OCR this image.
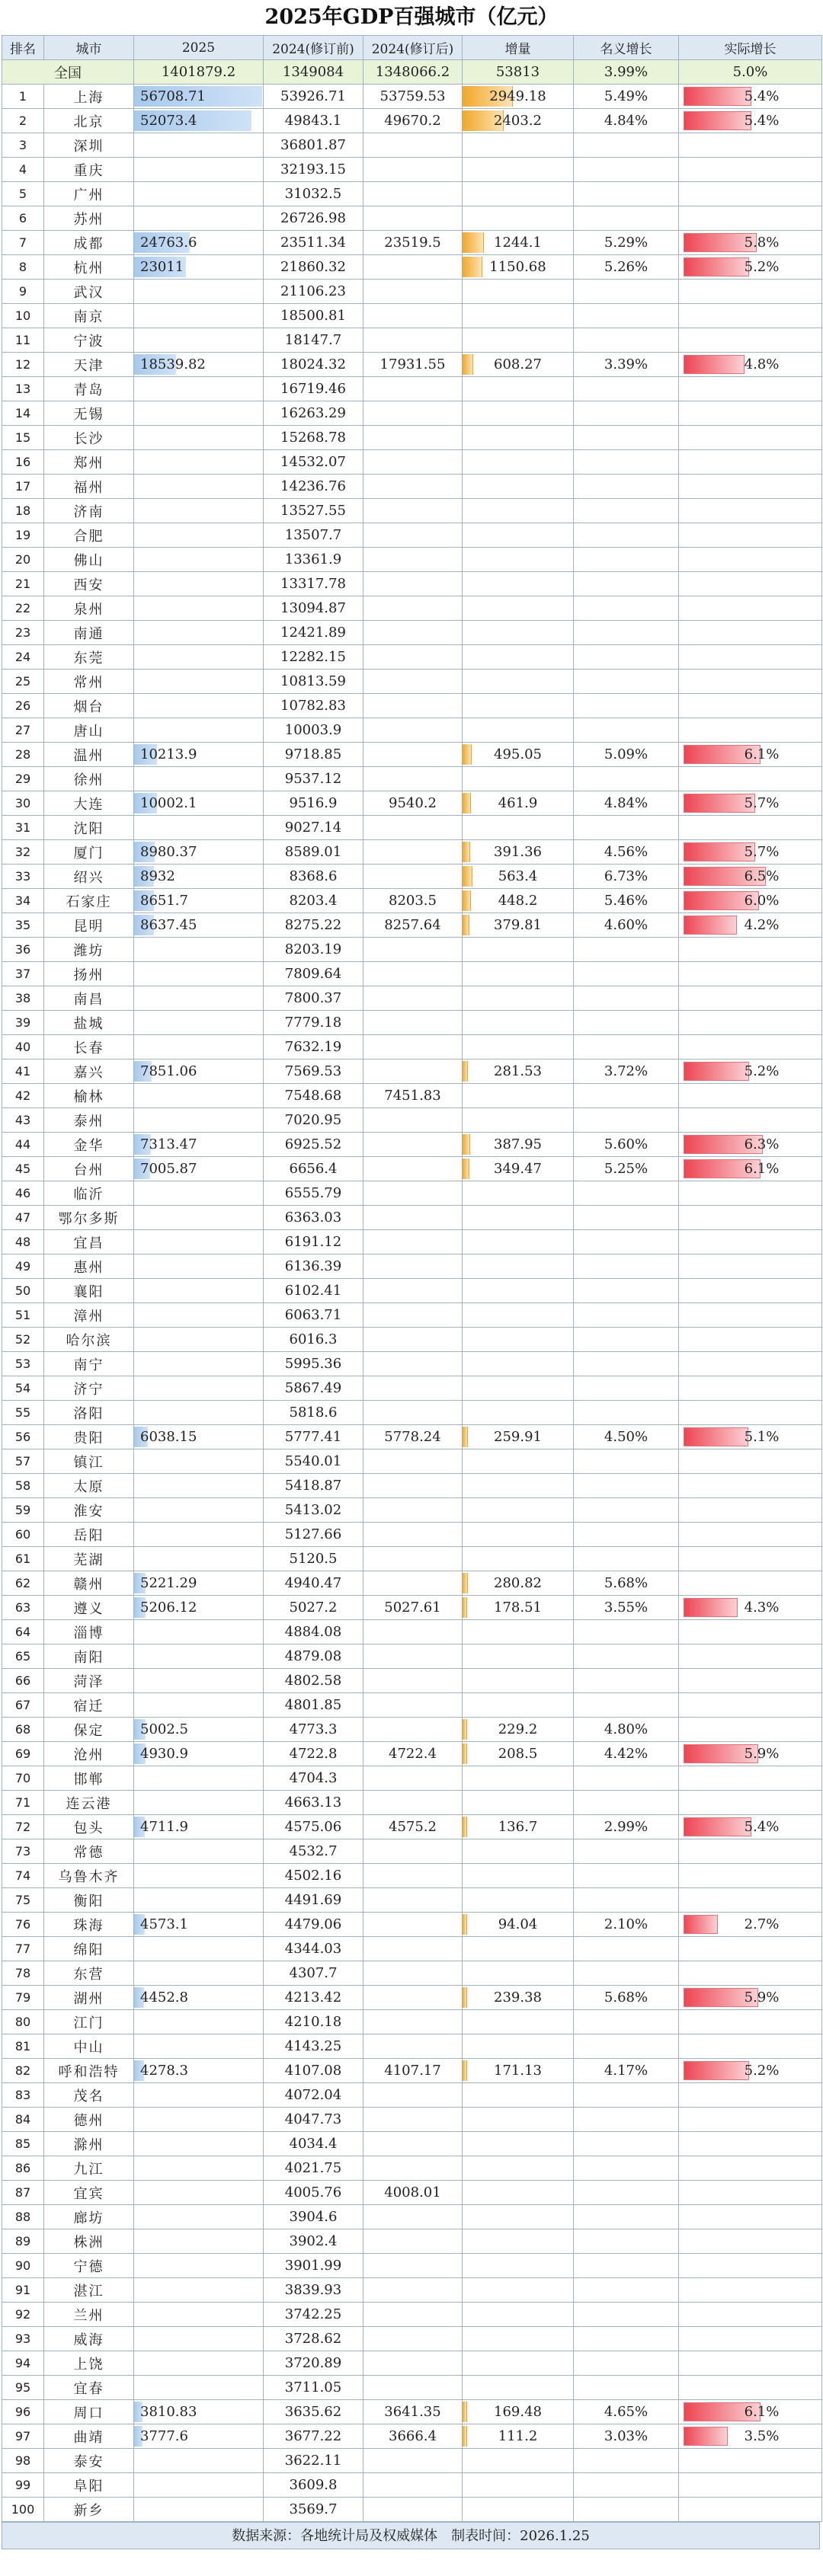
2025年GDP百强城市（亿元）
排名	城市	2025	2024(修订前)	2024(修订后)	增量	名义增长	实际增长
全国		1401879.2	1349084	1348066.2	53813	3.99%	5.0%
1	上海	56708.71	53926.71	53759.53	2949.18	5.49%	5.4%
2	北京	52073.4	49843.1	49670.2	2403.2	4.84%	5.4%
3	深圳		36801.87				
4	重庆		32193.15				
5	广州		31032.5				
6	苏州		26726.98				
7	成都	24763.6	23511.34	23519.5	1244.1	5.29%	5.8%
8	杭州	23011	21860.32		1150.68	5.26%	5.2%
9	武汉		21106.23				
10	南京		18500.81				
11	宁波		18147.7				
12	天津	18539.82	18024.32	17931.55	608.27	3.39%	4.8%
13	青岛		16719.46				
14	无锡		16263.29				
15	长沙		15268.78				
16	郑州		14532.07				
17	福州		14236.76				
18	济南		13527.55				
19	合肥		13507.7				
20	佛山		13361.9				
21	西安		13317.78				
22	泉州		13094.87				
23	南通		12421.89				
24	东莞		12282.15				
25	常州		10813.59				
26	烟台		10782.83				
27	唐山		10003.9				
28	温州	10213.9	9718.85		495.05	5.09%	6.1%
29	徐州		9537.12				
30	大连	10002.1	9516.9	9540.2	461.9	4.84%	5.7%
31	沈阳		9027.14				
32	厦门	8980.37	8589.01		391.36	4.56%	5.7%
33	绍兴	8932	8368.6		563.4	6.73%	6.5%
34	石家庄	8651.7	8203.4	8203.5	448.2	5.46%	6.0%
35	昆明	8637.45	8275.22	8257.64	379.81	4.60%	4.2%
36	潍坊		8203.19				
37	扬州		7809.64				
38	南昌		7800.37				
39	盐城		7779.18				
40	长春		7632.19				
41	嘉兴	7851.06	7569.53		281.53	3.72%	5.2%
42	榆林		7548.68	7451.83			
43	泰州		7020.95				
44	金华	7313.47	6925.52		387.95	5.60%	6.3%
45	台州	7005.87	6656.4		349.47	5.25%	6.1%
46	临沂		6555.79				
47	鄂尔多斯		6363.03				
48	宜昌		6191.12				
49	惠州		6136.39				
50	襄阳		6102.41				
51	漳州		6063.71				
52	哈尔滨		6016.3				
53	南宁		5995.36				
54	济宁		5867.49				
55	洛阳		5818.6				
56	贵阳	6038.15	5777.41	5778.24	259.91	4.50%	5.1%
57	镇江		5540.01				
58	太原		5418.87				
59	淮安		5413.02				
60	岳阳		5127.66				
61	芜湖		5120.5				
62	赣州	5221.29	4940.47		280.82	5.68%	
63	遵义	5206.12	5027.2	5027.61	178.51	3.55%	4.3%
64	淄博		4884.08				
65	南阳		4879.08				
66	菏泽		4802.58				
67	宿迁		4801.85				
68	保定	5002.5	4773.3		229.2	4.80%	
69	沧州	4930.9	4722.8	4722.4	208.5	4.42%	5.9%
70	邯郸		4704.3				
71	连云港		4663.13				
72	包头	4711.9	4575.06	4575.2	136.7	2.99%	5.4%
73	常德		4532.7				
74	乌鲁木齐		4502.16				
75	衡阳		4491.69				
76	珠海	4573.1	4479.06		94.04	2.10%	2.7%
77	绵阳		4344.03				
78	东营		4307.7				
79	湖州	4452.8	4213.42		239.38	5.68%	5.9%
80	江门		4210.18				
81	中山		4143.25				
82	呼和浩特	4278.3	4107.08	4107.17	171.13	4.17%	5.2%
83	茂名		4072.04				
84	德州		4047.73				
85	滁州		4034.4				
86	九江		4021.75				
87	宜宾		4005.76	4008.01			
88	廊坊		3904.6				
89	株洲		3902.4				
90	宁德		3901.99				
91	湛江		3839.93				
92	兰州		3742.25				
93	威海		3728.62				
94	上饶		3720.89				
95	宜春		3711.05				
96	周口	3810.83	3635.62	3641.35	169.48	4.65%	6.1%
97	曲靖	3777.6	3677.22	3666.4	111.2	3.03%	3.5%
98	泰安		3622.11				
99	阜阳		3609.8				
100	新乡		3569.7				
数据来源：各地统计局及权威媒体　制表时间：2026.1.25
